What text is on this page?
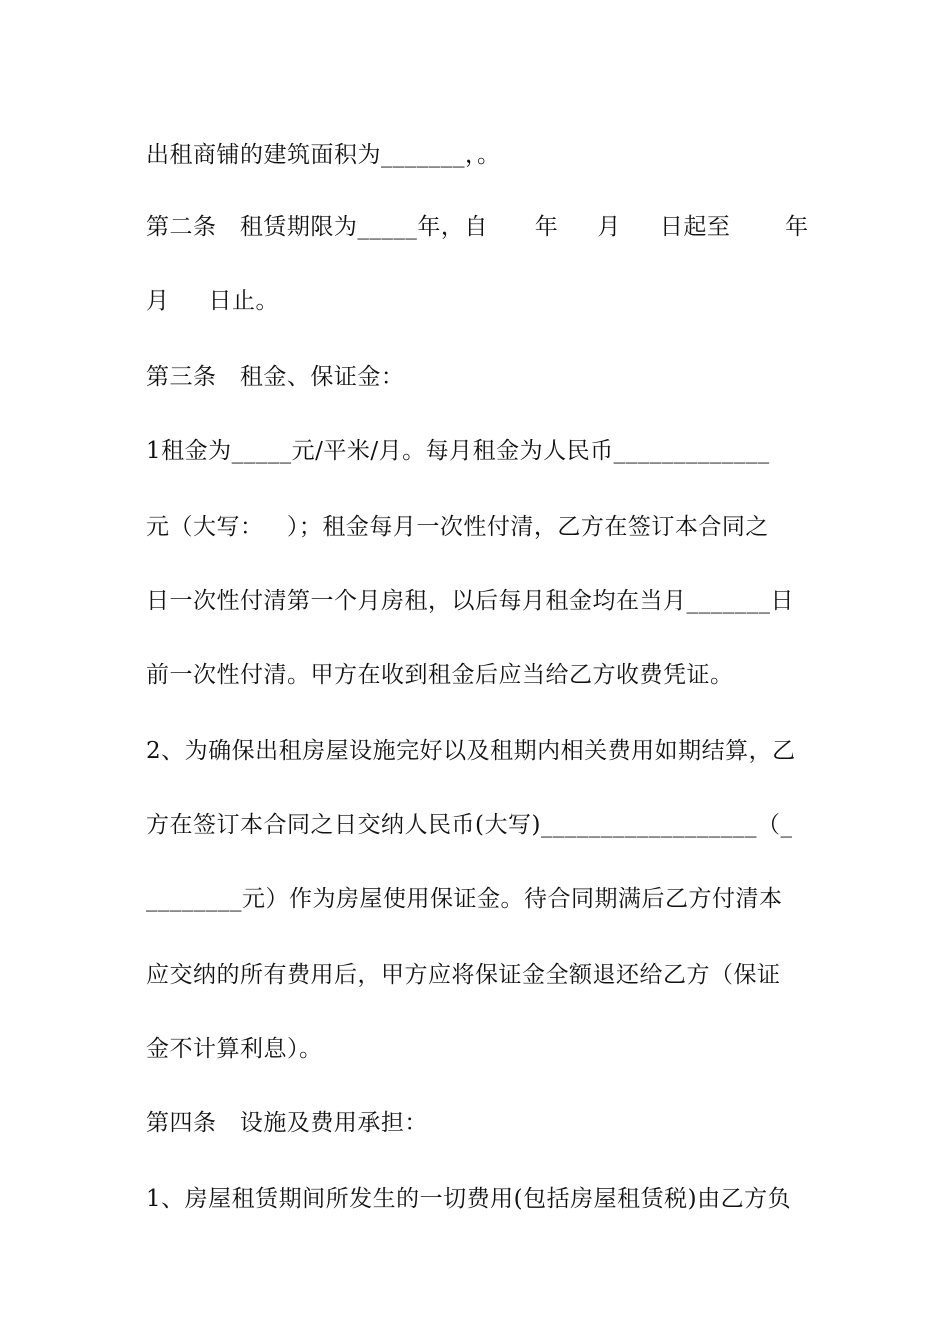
出租商铺的建筑面积为_______，。
第二条   租赁期限为_____年，自      年     月     日起至       年
月     日止。
第三条   租金、保证金：
1租金为_____元/平米/月。每月租金为人民币_____________
元（大写：   ）；租金每月一次性付清，乙方在签订本合同之
日一次性付清第一个月房租，以后每月租金均在当月_______日
前一次性付清。甲方在收到租金后应当给乙方收费凭证。
2、为确保出租房屋设施完好以及租期内相关费用如期结算，乙
方在签订本合同之日交纳人民币(大写)__________________（_
________元）作为房屋使用保证金。待合同期满后乙方付清本
应交纳的所有费用后，甲方应将保证金全额退还给乙方（保证
金不计算利息）。
第四条   设施及费用承担：
1、房屋租赁期间所发生的一切费用(包括房屋租赁税)由乙方负
